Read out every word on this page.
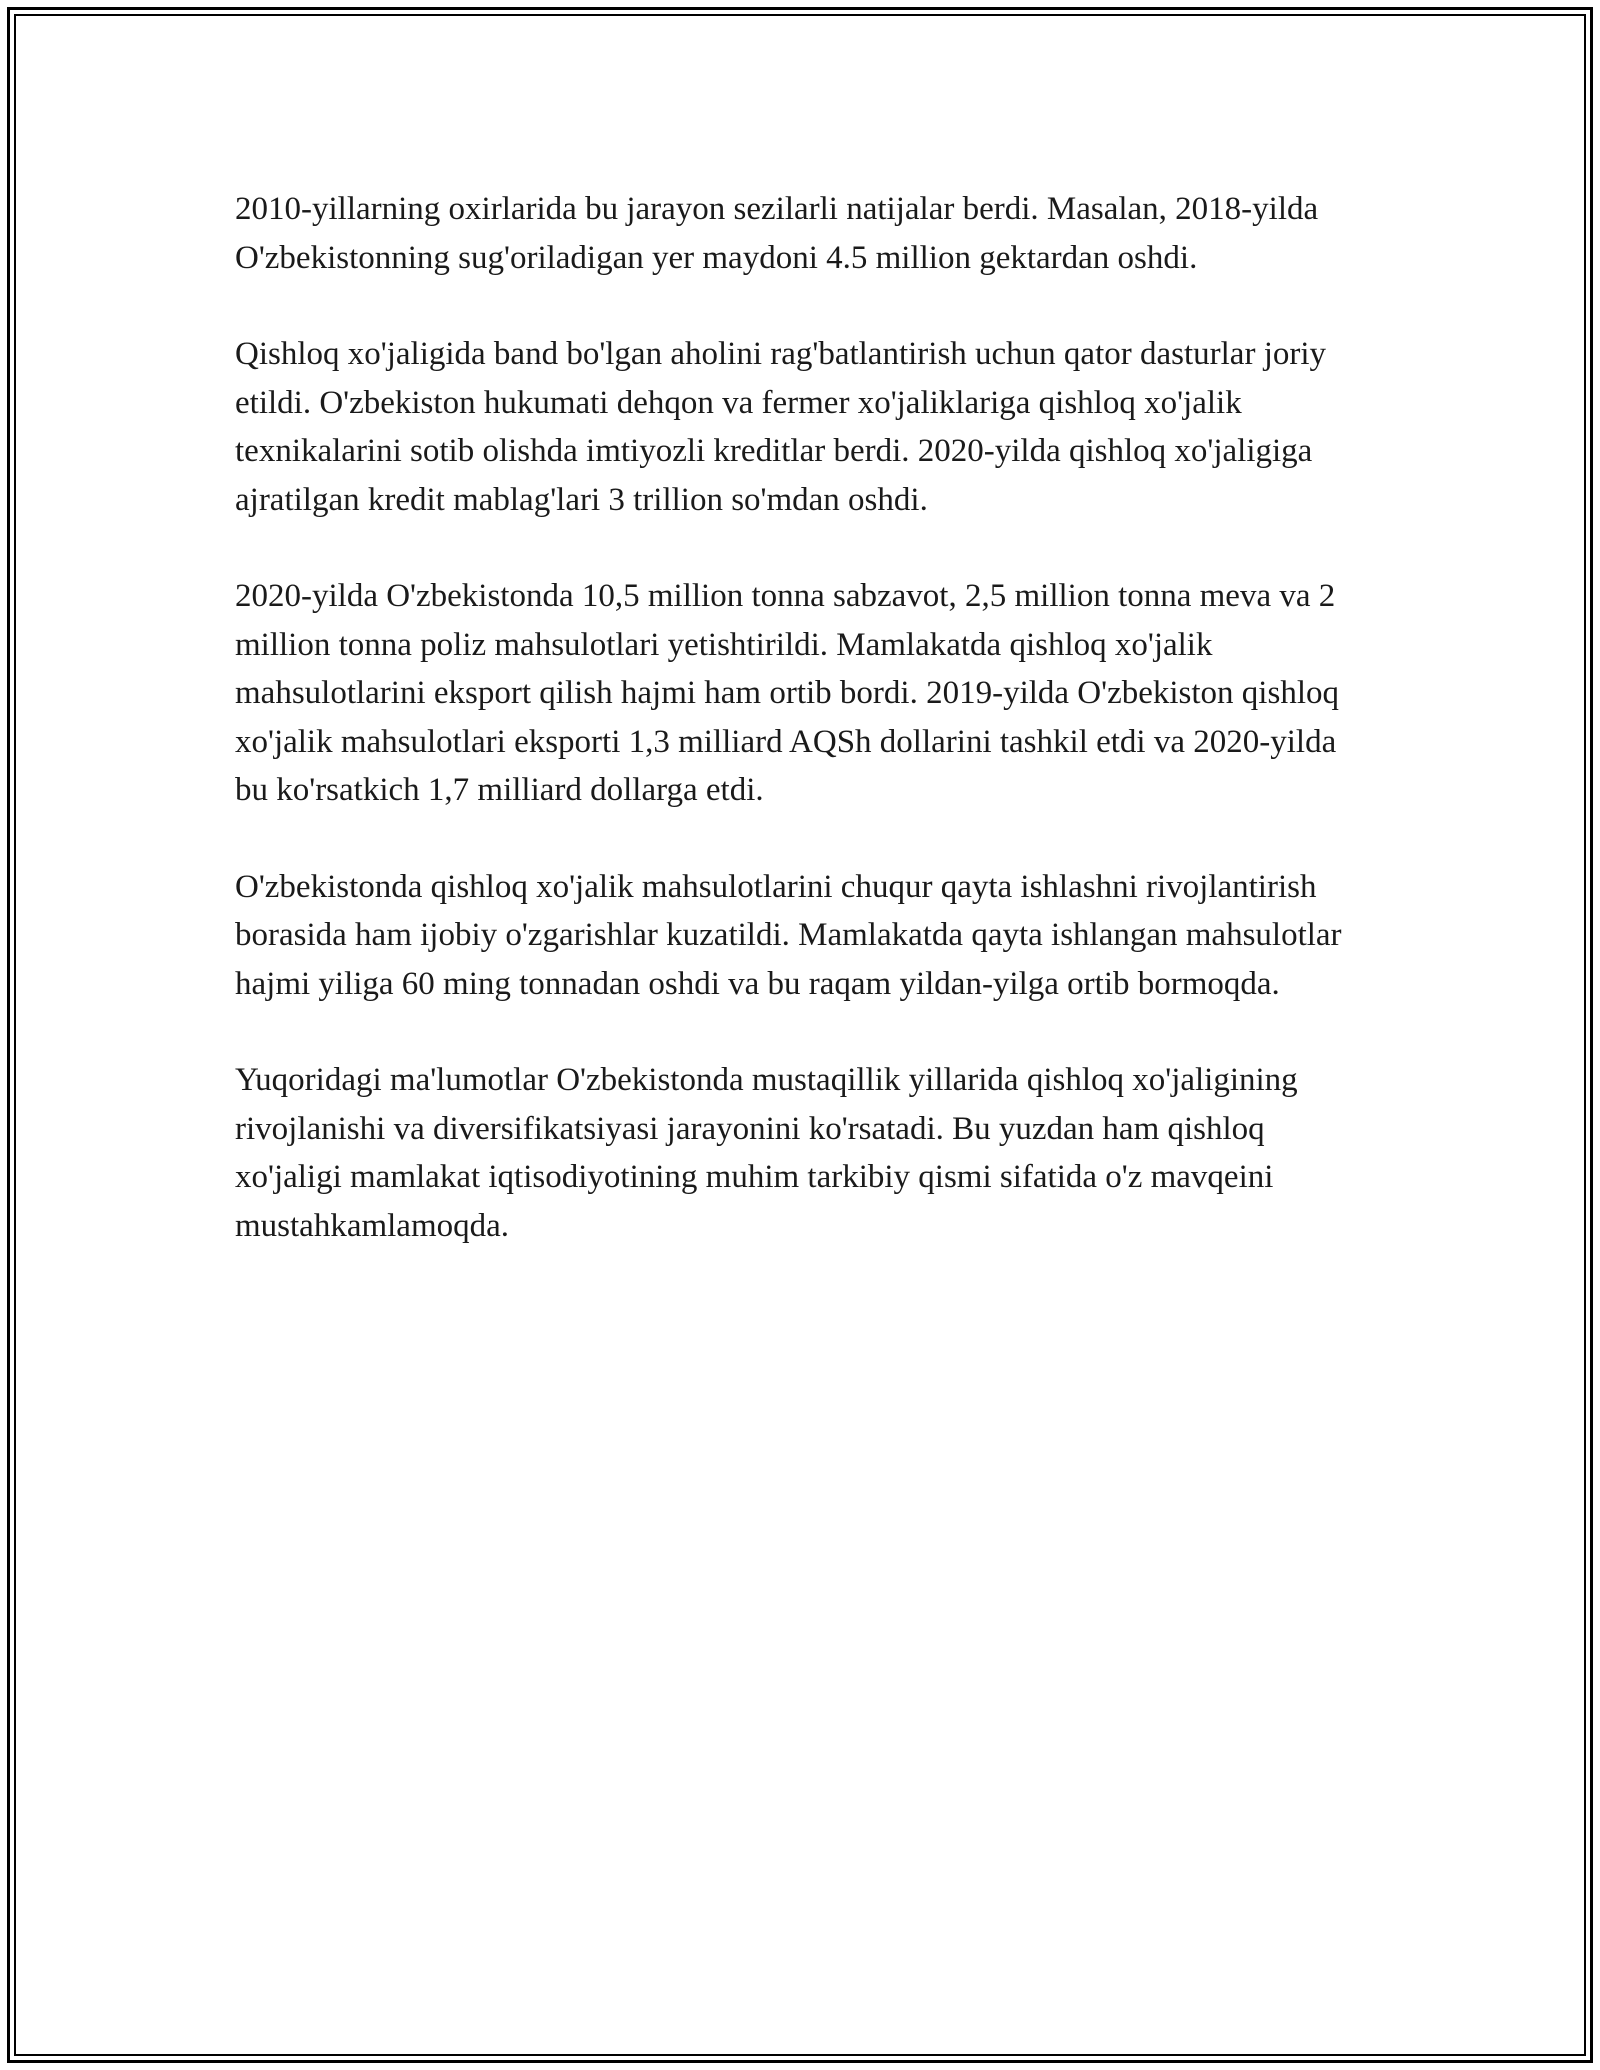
2010-yillarning oxirlarida bu jarayon sezilarli natijalar berdi. Masalan, 2018-yilda O'zbekistonning sug'oriladigan yer maydoni 4.5 million gektardan oshdi.

Qishloq xo'jaligida band bo'lgan aholini rag'batlantirish uchun qator dasturlar joriy etildi. O'zbekiston hukumati dehqon va fermer xo'jaliklariga qishloq xo'jalik texnikalarini sotib olishda imtiyozli kreditlar berdi. 2020-yilda qishloq xo'jaligiga ajratilgan kredit mablag'lari 3 trillion so'mdan oshdi.

2020-yilda O'zbekistonda 10,5 million tonna sabzavot, 2,5 million tonna meva va 2 million tonna poliz mahsulotlari yetishtirildi. Mamlakatda qishloq xo'jalik mahsulotlarini eksport qilish hajmi ham ortib bordi. 2019-yilda O'zbekiston qishloq xo'jalik mahsulotlari eksporti 1,3 milliard AQSh dollarini tashkil etdi va 2020-yilda bu ko'rsatkich 1,7 milliard dollarga etdi.

O'zbekistonda qishloq xo'jalik mahsulotlarini chuqur qayta ishlashni rivojlantirish borasida ham ijobiy o'zgarishlar kuzatildi. Mamlakatda qayta ishlangan mahsulotlar hajmi yiliga 60 ming tonnadan oshdi va bu raqam yildan-yilga ortib bormoqda.

Yuqoridagi ma'lumotlar O'zbekistonda mustaqillik yillarida qishloq xo'jaligining rivojlanishi va diversifikatsiyasi jarayonini ko'rsatadi. Bu yuzdan ham qishloq xo'jaligi mamlakat iqtisodiyotining muhim tarkibiy qismi sifatida o'z mavqeini mustahkamlamoqda.
